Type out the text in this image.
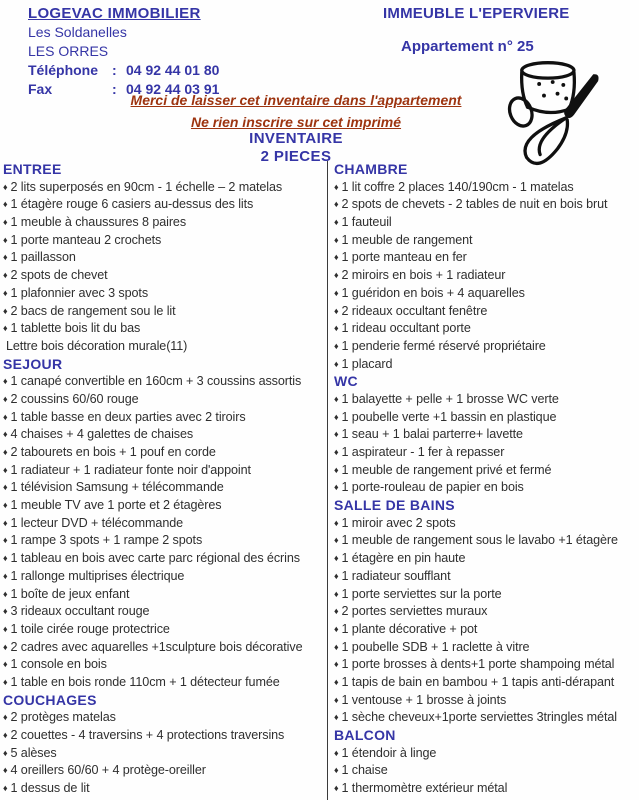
LOGEVAC IMMOBILIER
Les Soldanelles
LES ORRES
Téléphone : 04 92 44 01 80
Fax	: 04 92 44 03 91
IMMEUBLE L'EPERVIERE
Appartement n° 25
Merci de laisser cet inventaire dans l'appartement
Ne rien inscrire sur cet imprimé
INVENTAIRE
2 PIECES
ENTREE
♦ 2 lits superposés en 90cm - 1 échelle – 2 matelas
♦ 1 étagère rouge 6 casiers au-dessus des lits
♦ 1 meuble à chaussures 8 paires
♦ 1 porte manteau 2 crochets
♦ 1 paillasson
♦ 2 spots de chevet
♦ 1 plafonnier avec 3 spots
♦ 2 bacs de rangement sou le lit
♦ 1 tablette bois lit du bas
Lettre bois décoration murale(11)
SEJOUR
♦ 1 canapé convertible en 160cm + 3 coussins assortis
♦ 2 coussins 60/60 rouge
♦ 1 table basse en deux parties avec 2 tiroirs
♦ 4 chaises + 4 galettes de chaises
♦ 2 tabourets en bois + 1 pouf en corde
♦ 1 radiateur + 1 radiateur fonte noir d'appoint
♦ 1 télévision Samsung + télécommande
♦ 1 meuble TV ave 1 porte et 2 étagères
♦ 1 lecteur DVD + télécommande
♦ 1 rampe 3 spots + 1 rampe 2 spots
♦ 1 tableau en bois avec carte parc régional des écrins
♦ 1 rallonge multiprises électrique
♦ 1 boîte de jeux enfant
♦ 3 rideaux occultant rouge
♦ 1 toile cirée rouge protectrice
♦ 2 cadres avec aquarelles +1sculpture bois décorative
♦ 1 console en bois
♦ 1 table en bois ronde 110cm + 1 détecteur fumée
COUCHAGES
♦ 2 protèges matelas
♦ 2 couettes - 4 traversins + 4 protections traversins
♦ 5 alèses
♦ 4 oreillers 60/60 + 4 protège-oreiller
♦ 1 dessus de lit
CHAMBRE
♦ 1 lit coffre 2 places 140/190cm - 1 matelas
♦ 2 spots de chevets - 2 tables de nuit en bois brut
♦ 1 fauteuil
♦ 1 meuble de rangement
♦ 1 porte manteau en fer
♦ 2 miroirs en bois + 1 radiateur
♦ 1 guéridon en bois + 4 aquarelles
♦ 2 rideaux occultant fenêtre
♦ 1 rideau occultant porte
♦ 1 penderie fermé réservé propriétaire
♦ 1 placard
WC
♦ 1 balayette + pelle + 1 brosse WC verte
♦ 1 poubelle verte +1 bassin en plastique
♦ 1 seau + 1 balai parterre+ lavette
♦ 1 aspirateur - 1 fer à repasser
♦ 1 meuble de rangement privé et fermé
♦ 1 porte-rouleau de papier en bois
SALLE DE BAINS
♦ 1 miroir avec 2 spots
♦ 1 meuble de rangement sous le lavabo +1 étagère
♦ 1 étagère en pin haute
♦ 1 radiateur soufflant
♦ 1 porte serviettes sur la porte
♦ 2 portes serviettes muraux
♦ 1 plante décorative + pot
♦ 1 poubelle SDB + 1 raclette à vitre
♦ 1 porte brosses à dents+1 porte shampoing métal
♦ 1 tapis de bain en bambou + 1 tapis anti-dérapant
♦ 1 ventouse + 1 brosse à joints
♦ 1 sèche cheveux+1porte serviettes 3tringles métal
BALCON
♦ 1 étendoir à linge
♦ 1 chaise
♦ 1 thermomètre extérieur métal
